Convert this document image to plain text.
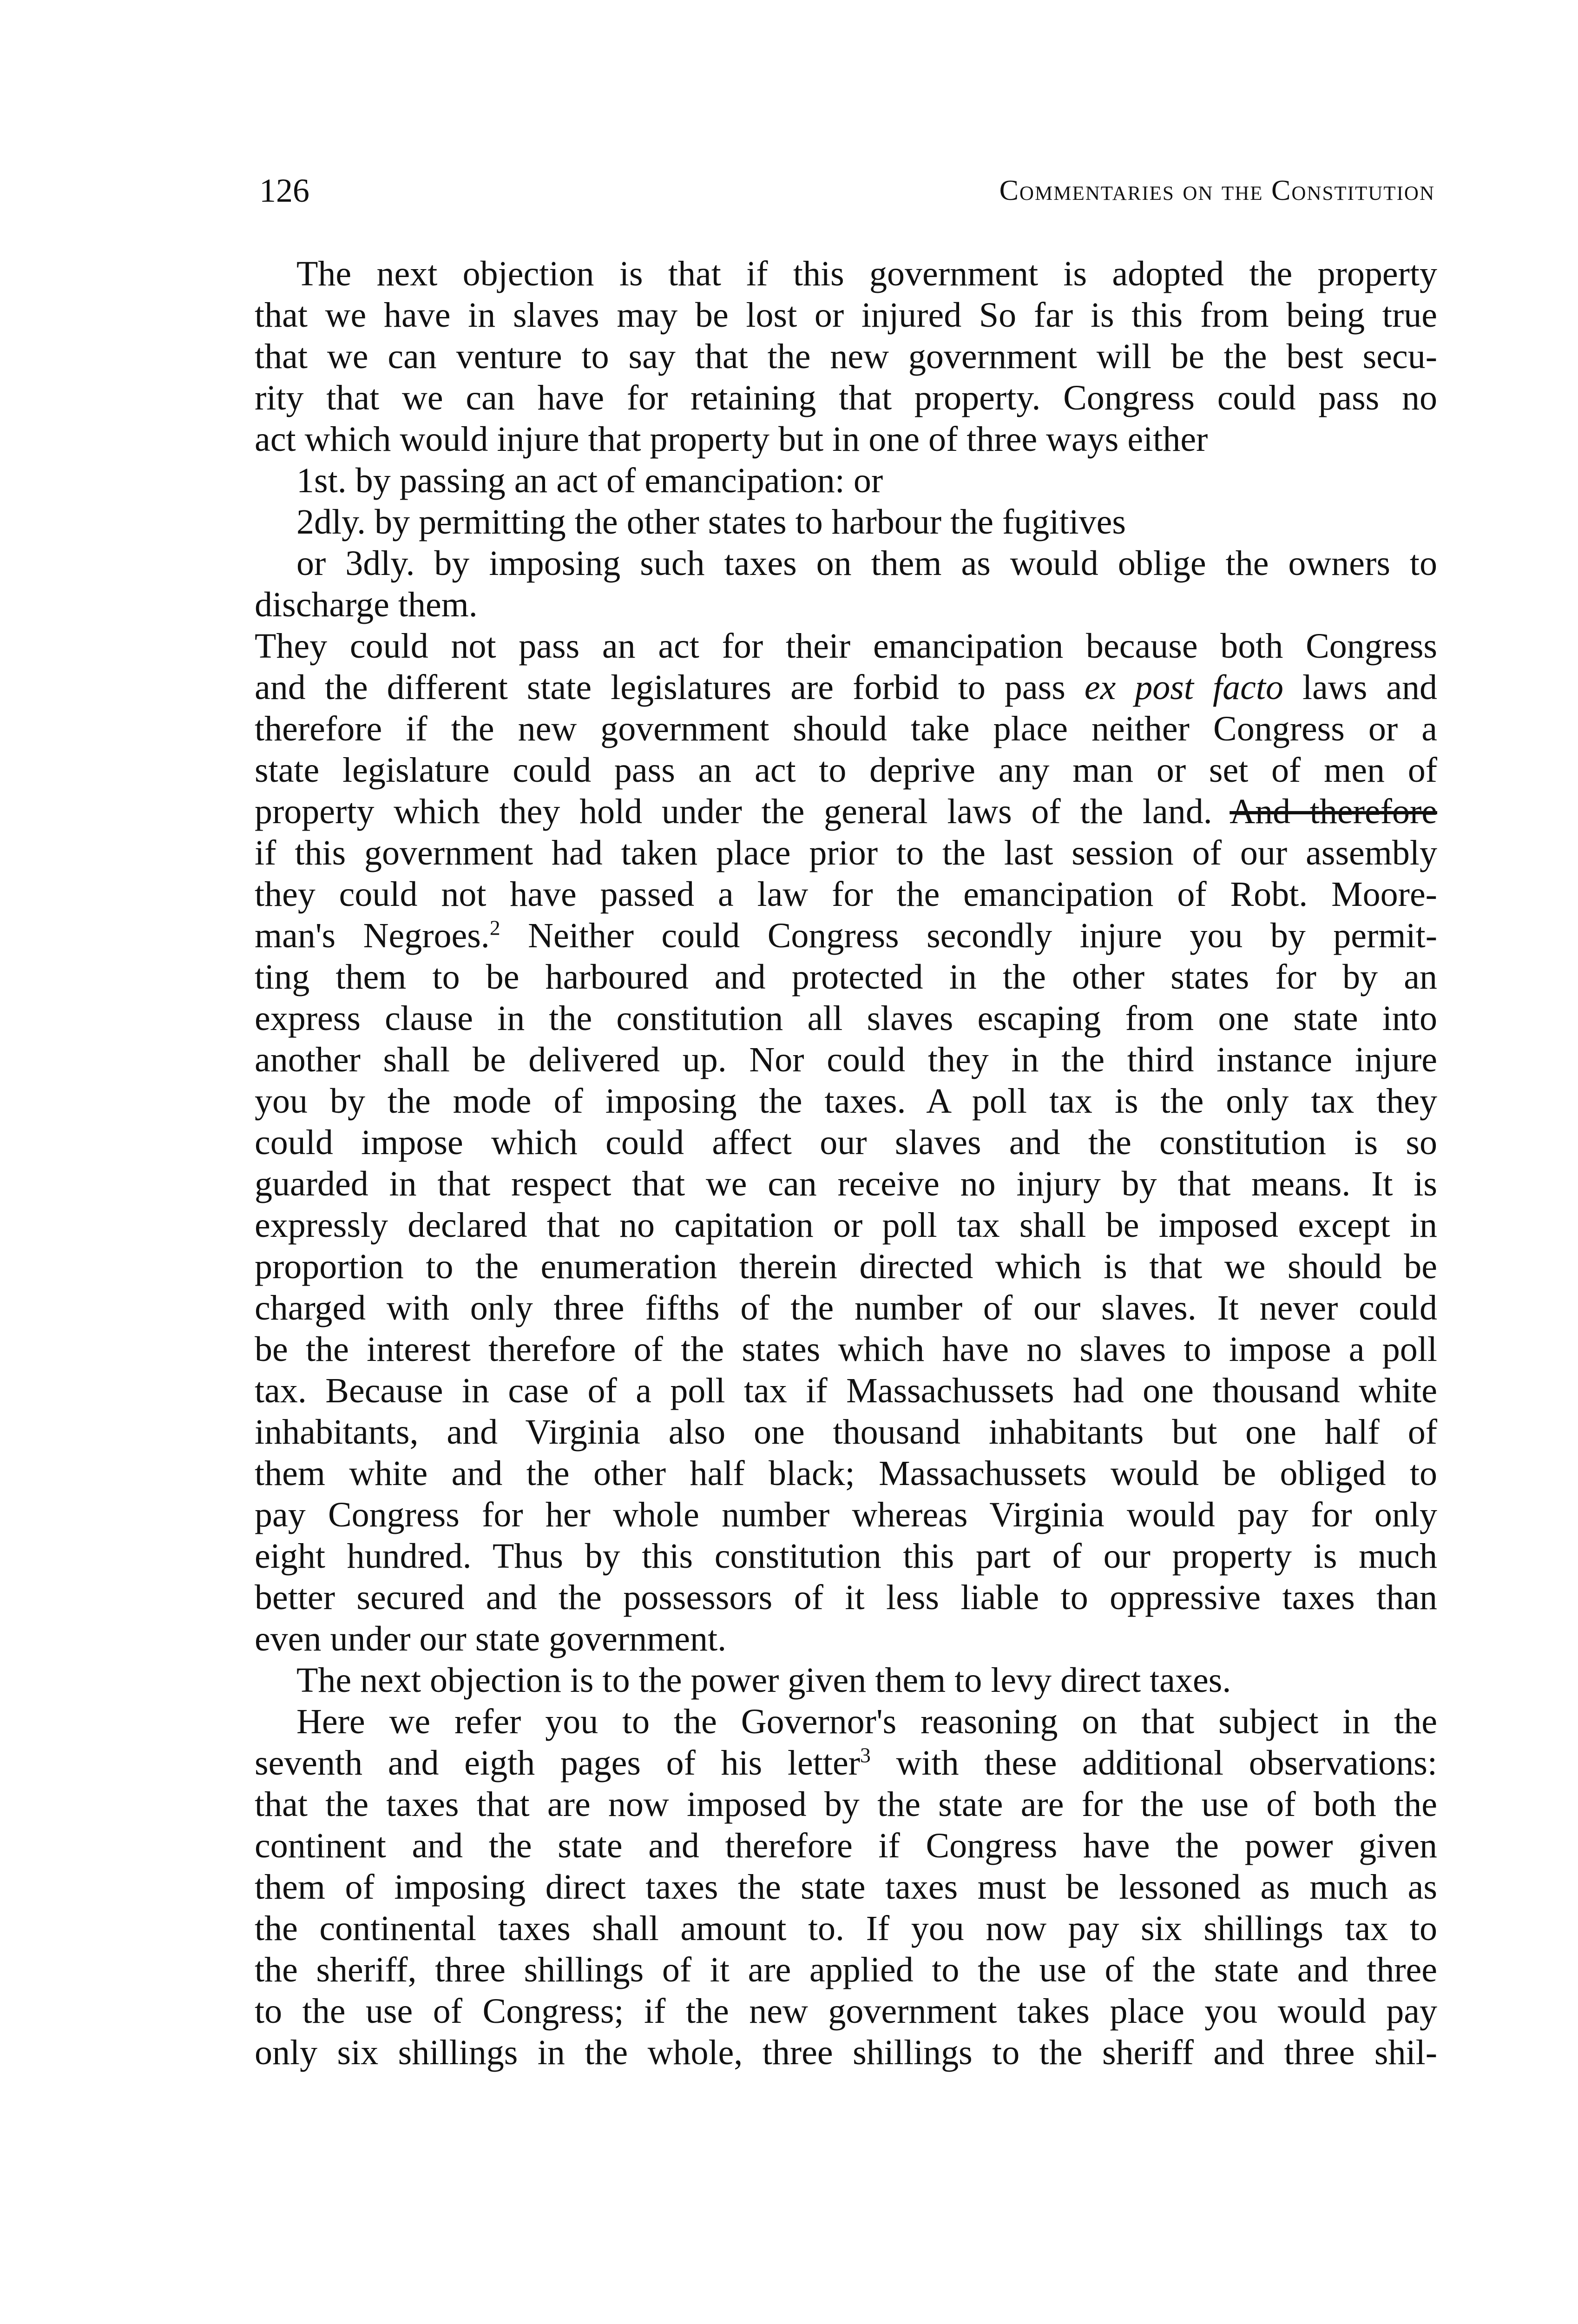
126	Commentaries on the Constitution
The next objection is that if this government is adopted the property
that we have in slaves may be lost or injured So far is this from being true
that we can venture to say that the new government will be the best secu-
rity that we can have for retaining that property. Congress could pass no
act which would injure that property but in one of three ways either
1st. by passing an act of emancipation: or
2dly. by permitting the other states to harbour the fugitives
or 3dly. by imposing such taxes on them as would oblige the owners to
discharge them.
They could not pass an act for their emancipation because both Congress
and the different state legislatures are forbid to pass ex post facto laws and
therefore if the new government should take place neither Congress or a
state legislature could pass an act to deprive any man or set of men of
property which they hold under the general laws of the land. And therefore
if this government had taken place prior to the last session of our assembly
they could not have passed a law for the emancipation of Robt. Moore-
man's Negroes.$^2$ Neither could Congress secondly injure you by permit-
ting them to be harboured and protected in the other states for by an
express clause in the constitution all slaves escaping from one state into
another shall be delivered up. Nor could they in the third instance injure
you by the mode of imposing the taxes. A poll tax is the only tax they
could impose which could affect our slaves and the constitution is so
guarded in that respect that we can receive no injury by that means. It is
expressly declared that no capitation or poll tax shall be imposed except in
proportion to the enumeration therein directed which is that we should be
charged with only three fifths of the number of our slaves. It never could
be the interest therefore of the states which have no slaves to impose a poll
tax. Because in case of a poll tax if Massachussets had one thousand white
inhabitants, and Virginia also one thousand inhabitants but one half of
them white and the other half black; Massachussets would be obliged to
pay Congress for her whole number whereas Virginia would pay for only
eight hundred. Thus by this constitution this part of our property is much
better secured and the possessors of it less liable to oppressive taxes than
even under our state government.
The next objection is to the power given them to levy direct taxes.
Here we refer you to the Governor's reasoning on that subject in the
seventh and eigth pages of his letter$^3$ with these additional observations:
that the taxes that are now imposed by the state are for the use of both the
continent and the state and therefore if Congress have the power given
them of imposing direct taxes the state taxes must be lessoned as much as
the continental taxes shall amount to. If you now pay six shillings tax to
the sheriff, three shillings of it are applied to the use of the state and three
to the use of Congress; if the new government takes place you would pay
only six shillings in the whole, three shillings to the sheriff and three shil-
